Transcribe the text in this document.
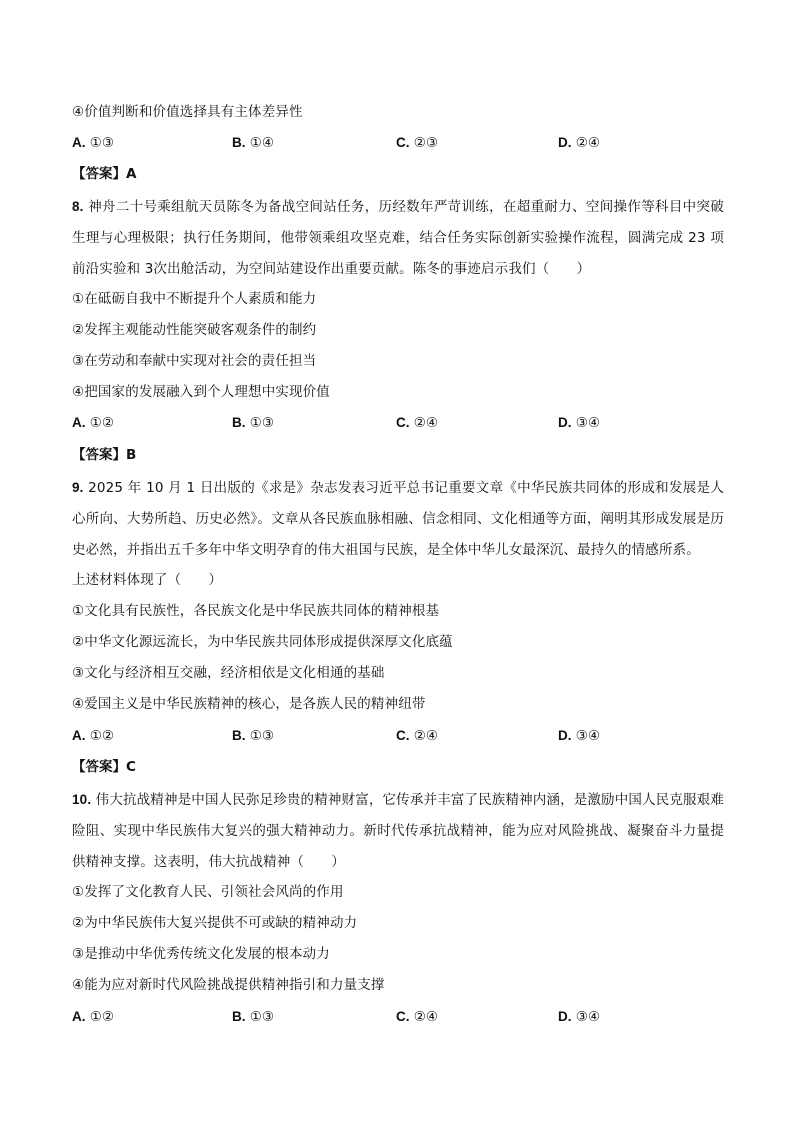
④价值判断和价值选择具有主体差异性
A. ①③	B. ①④	C. ②③	D. ②④
【答案】A
8. 神舟二十号乘组航天员陈冬为备战空间站任务，历经数年严苛训练，在超重耐力、空间操作等科目中突破生理与心理极限；执行任务期间，他带领乘组攻坚克难，结合任务实际创新实验操作流程，圆满完成 23 项前沿实验和 3次出舱活动，为空间站建设作出重要贡献。陈冬的事迹启示我们（　　）
①在砥砺自我中不断提升个人素质和能力
②发挥主观能动性能突破客观条件的制约
③在劳动和奉献中实现对社会的责任担当
④把国家的发展融入到个人理想中实现价值
A. ①②	B. ①③	C. ②④	D. ③④
【答案】B
9. 2025 年 10 月 1 日出版的《求是》杂志发表习近平总书记重要文章《中华民族共同体的形成和发展是人心所向、大势所趋、历史必然》。文章从各民族血脉相融、信念相同、文化相通等方面，阐明其形成发展是历史必然，并指出五千多年中华文明孕育的伟大祖国与民族，是全体中华儿女最深沉、最持久的情感所系。
上述材料体现了（　　）
①文化具有民族性，各民族文化是中华民族共同体的精神根基
②中华文化源远流长，为中华民族共同体形成提供深厚文化底蕴
③文化与经济相互交融，经济相依是文化相通的基础
④爱国主义是中华民族精神的核心，是各族人民的精神纽带
A. ①②	B. ①③	C. ②④	D. ③④
【答案】C
10. 伟大抗战精神是中国人民弥足珍贵的精神财富，它传承并丰富了民族精神内涵，是激励中国人民克服艰难险阻、实现中华民族伟大复兴的强大精神动力。新时代传承抗战精神，能为应对风险挑战、凝聚奋斗力量提供精神支撑。这表明，伟大抗战精神（　　）
①发挥了文化教育人民、引领社会风尚的作用
②为中华民族伟大复兴提供不可或缺的精神动力
③是推动中华优秀传统文化发展的根本动力
④能为应对新时代风险挑战提供精神指引和力量支撑
A. ①②	B. ①③	C. ②④	D. ③④
